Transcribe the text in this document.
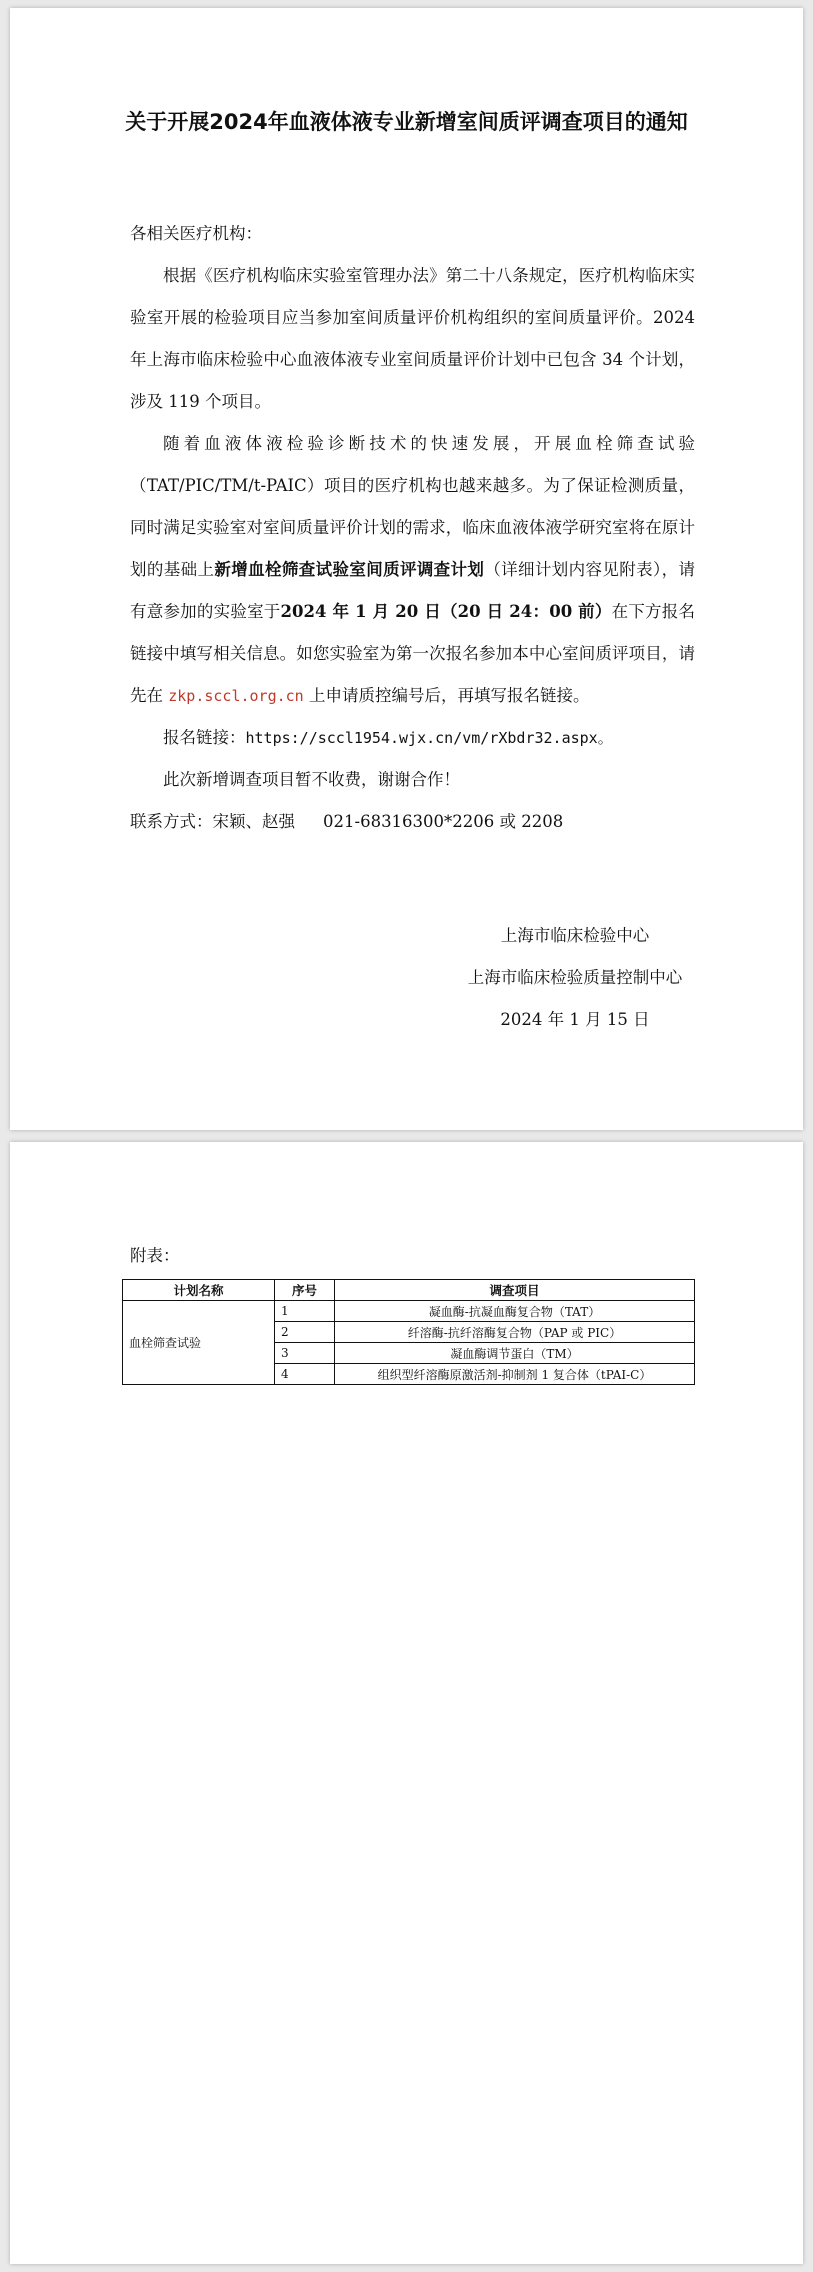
关于开展2024年血液体液专业新增室间质评调查项目的通知

各相关医疗机构：

根据《医疗机构临床实验室管理办法》第二十八条规定，医疗机构临床实验室开展的检验项目应当参加室间质量评价机构组织的室间质量评价。2024 年上海市临床检验中心血液体液专业室间质量评价计划中已包含 34 个计划，涉及 119 个项目。

随着血液体液检验诊断技术的快速发展，开展血栓筛查试验（TAT/PIC/TM/t-PAIC）项目的医疗机构也越来越多。为了保证检测质量，同时满足实验室对室间质量评价计划的需求，临床血液体液学研究室将在原计划的基础上新增血栓筛查试验室间质评调查计划（详细计划内容见附表），请有意参加的实验室于2024 年 1 月 20 日（20 日 24：00 前）在下方报名链接中填写相关信息。如您实验室为第一次报名参加本中心室间质评项目，请先在 zkp.sccl.org.cn 上申请质控编号后，再填写报名链接。

报名链接：https://sccl1954.wjx.cn/vm/rXbdr32.aspx。

此次新增调查项目暂不收费，谢谢合作！

联系方式：宋颖、赵强 021-68316300*2206 或 2208

上海市临床检验中心
上海市临床检验质量控制中心
2024 年 1 月 15 日
附表：
计划名称	序号	调查项目
血栓筛查试验	1	凝血酶-抗凝血酶复合物（TAT）
	2	纤溶酶-抗纤溶酶复合物（PAP 或 PIC）
	3	凝血酶调节蛋白（TM）
	4	组织型纤溶酶原激活剂-抑制剂 1 复合体（tPAI-C）
